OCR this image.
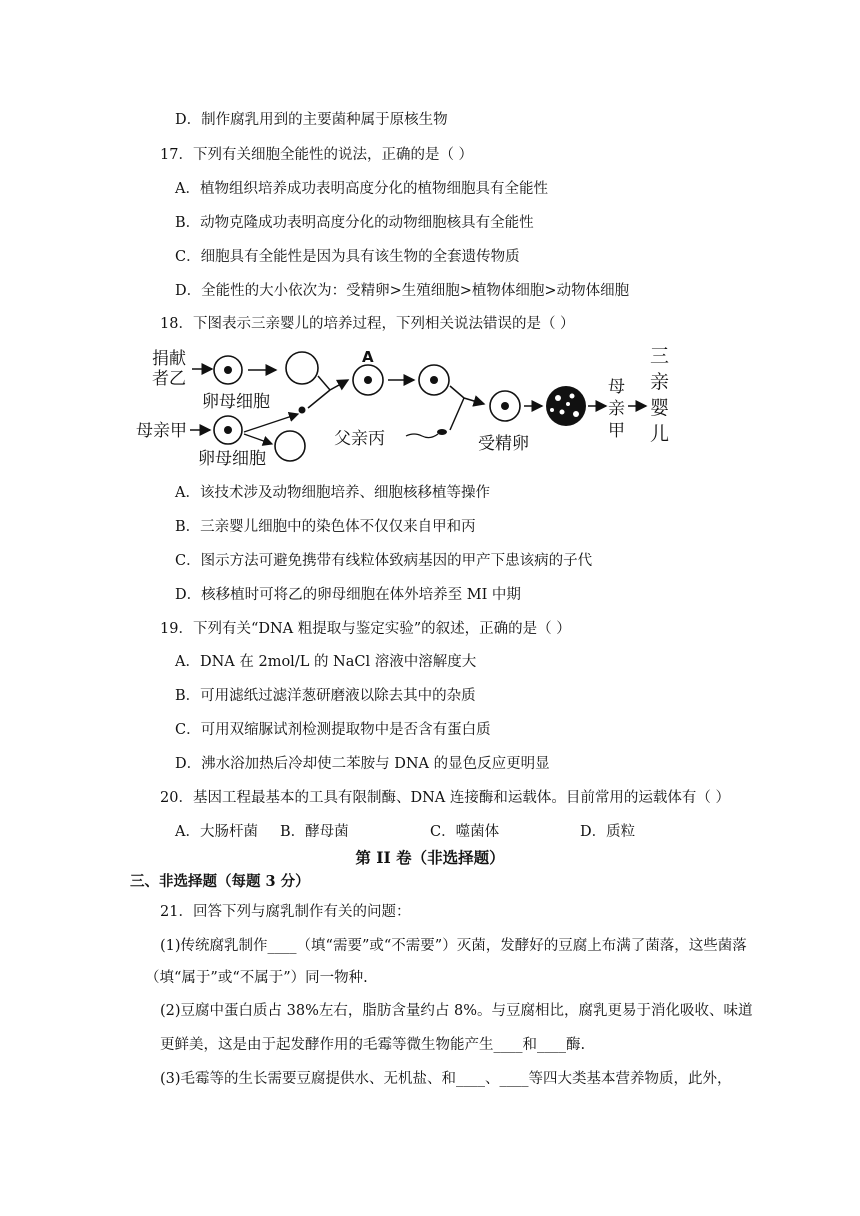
D．制作腐乳用到的主要菌种属于原核生物
17．下列有关细胞全能性的说法，正确的是（ ）
A．植物组织培养成功表明高度分化的植物细胞具有全能性
B．动物克隆成功表明高度分化的动物细胞核具有全能性
C．细胞具有全能性是因为具有该生物的全套遗传物质
D．全能性的大小依次为：受精卵>生殖细胞>植物体细胞>动物体细胞
18．下图表示三亲婴儿的培养过程，下列相关说法错误的是（ ）
捐献
者乙
卵母细胞
A
父亲丙	受精卵
母
亲
甲
三
亲
婴
儿
母亲甲
卵母细胞
A．该技术涉及动物细胞培养、细胞核移植等操作
B．三亲婴儿细胞中的染色体不仅仅来自甲和丙
C．图示方法可避免携带有线粒体致病基因的甲产下患该病的子代
D．核移植时可将乙的卵母细胞在体外培养至 MI 中期
19．下列有关“DNA 粗提取与鉴定实验”的叙述，正确的是（ ）
A．DNA 在 2mol/L 的 NaCl 溶液中溶解度大
B．可用滤纸过滤洋葱研磨液以除去其中的杂质
C．可用双缩脲试剂检测提取物中是否含有蛋白质
D．沸水浴加热后冷却使二苯胺与 DNA 的显色反应更明显
20．基因工程最基本的工具有限制酶、DNA 连接酶和运载体。目前常用的运载体有（ ）
A．大肠杆菌 B．酵母菌	C．噬菌体	D．质粒
第 II 卷（非选择题）
三、非选择题（每题 3 分）
21．回答下列与腐乳制作有关的问题：
(1)传统腐乳制作____（填“需要”或“不需要”）灭菌，发酵好的豆腐上布满了菌落，这些菌落
（填“属于”或“不属于”）同一物种.
(2)豆腐中蛋白质占 38%左右，脂肪含量约占 8%。与豆腐相比，腐乳更易于消化吸收、味道
更鲜美，这是由于起发酵作用的毛霉等微生物能产生____和____酶.
(3)毛霉等的生长需要豆腐提供水、无机盐、和____、____等四大类基本营养物质，此外，
